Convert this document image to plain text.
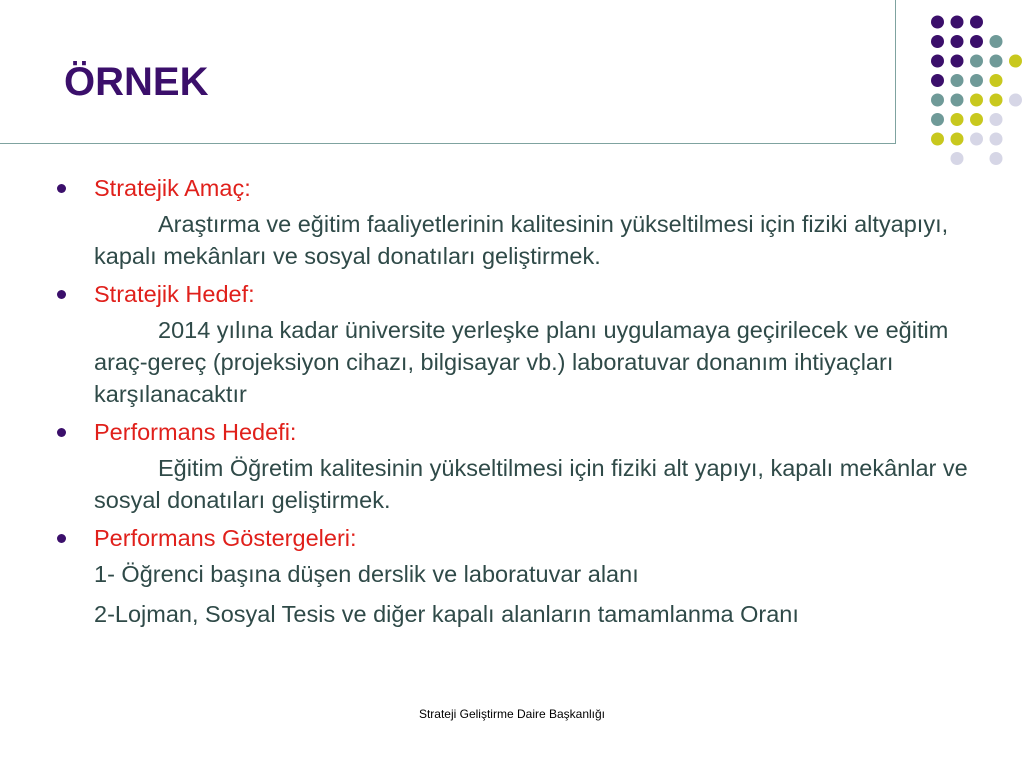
ÖRNEK
Stratejik Amaç:
Araştırma ve eğitim faaliyetlerinin kalitesinin yükseltilmesi için fiziki altyapıyı, kapalı mekânları ve sosyal donatıları geliştirmek.
Stratejik Hedef:
2014 yılına kadar üniversite yerleşke planı uygulamaya geçirilecek ve eğitim araç-gereç (projeksiyon cihazı, bilgisayar vb.) laboratuvar donanım ihtiyaçları karşılanacaktır
Performans Hedefi:
Eğitim Öğretim kalitesinin yükseltilmesi için fiziki alt yapıyı, kapalı mekânlar ve sosyal donatıları geliştirmek.
Performans Göstergeleri:
1- Öğrenci başına düşen derslik ve laboratuvar alanı
2-Lojman, Sosyal Tesis ve diğer kapalı alanların tamamlanma Oranı
Strateji Geliştirme Daire Başkanlığı
